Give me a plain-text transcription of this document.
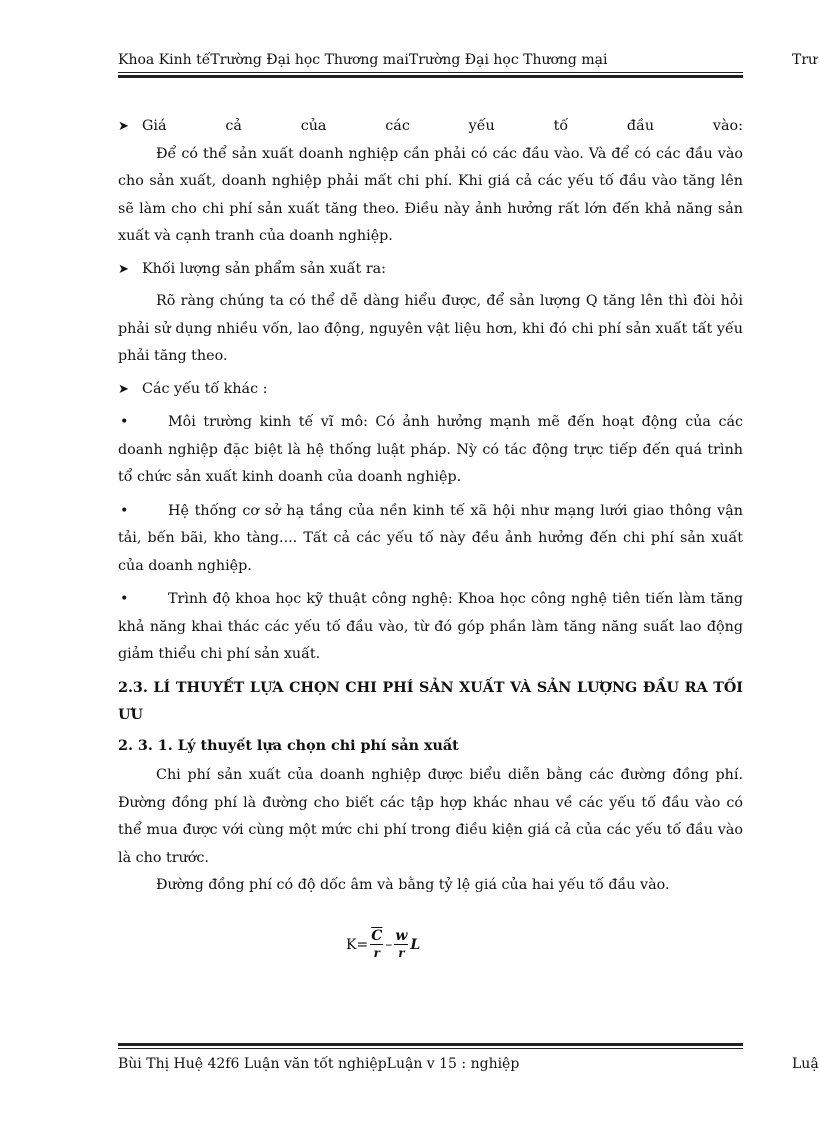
Khoa Kinh tếTrường Đại học Thương maiTrường Đại học Thương mại	Trư
➤ Giá	cả	của	các	yếu	tố	đầu	vào:

Để có thể sản xuất doanh nghiệp cần phải có các đầu vào. Và để có các đầu vào cho sản xuất, doanh nghiệp phải mất chi phí. Khi giá cả các yếu tố đầu vào tăng lên sẽ làm cho chi phí sản xuất tăng theo. Điều này ảnh hưởng rất lớn đến khả năng sản xuất và cạnh tranh của doanh nghiệp.

➤ Khối lượng sản phẩm sản xuất ra:

Rõ ràng chúng ta có thể dễ dàng hiểu được, để sản lượng Q tăng lên thì đòi hỏi phải sử dụng nhiều vốn, lao động, nguyên vật liệu hơn, khi đó chi phí sản xuất tất yếu phải tăng theo.

➤ Các yếu tố khác :

•	Môi trường kinh tế vĩ mô: Có ảnh hưởng mạnh mẽ đến hoạt động của các doanh nghiệp đặc biệt là hệ thống luật pháp. Nỳ có tác động trực tiếp đến quá trình tổ chức sản xuất kinh doanh của doanh nghiệp.

•	Hệ thống cơ sở hạ tầng của nền kinh tế xã hội như mạng lưới giao thông vận tải, bến bãi, kho tàng.... Tất cả các yếu tố này đều ảnh hưởng đến chi phí sản xuất của doanh nghiệp.

•	Trình độ khoa học kỹ thuật công nghệ: Khoa học công nghệ tiên tiến làm tăng khả năng khai thác các yếu tố đầu vào, từ đó góp phần làm tăng năng suất lao động giảm thiểu chi phí sản xuất.

2.3. LÍ THUYẾT LỰA CHỌN CHI PHÍ SẢN XUẤT VÀ SẢN LƯỢNG ĐẦU RA TỐI ƯU

2. 3. 1. Lý thuyết lựa chọn chi phí sản xuất

Chi phí sản xuất của doanh nghiệp được biểu diễn bằng các đường đồng phí. Đường đồng phí là đường cho biết các tập hợp khác nhau về các yếu tố đầu vào có thể mua được với cùng một mức chi phí trong điều kiện giá cả của các yếu tố đầu vào là cho trước.

Đường đồng phí có độ dốc âm và bằng tỷ lệ giá của hai yếu tố đầu vào.

$K= \frac{\overline{C}}{r} - \frac{w}{r}$ L
Bùi Thị Huệ 42f6 Luận văn tốt nghiệpLuận v 15 : nghiệp	Luậ
